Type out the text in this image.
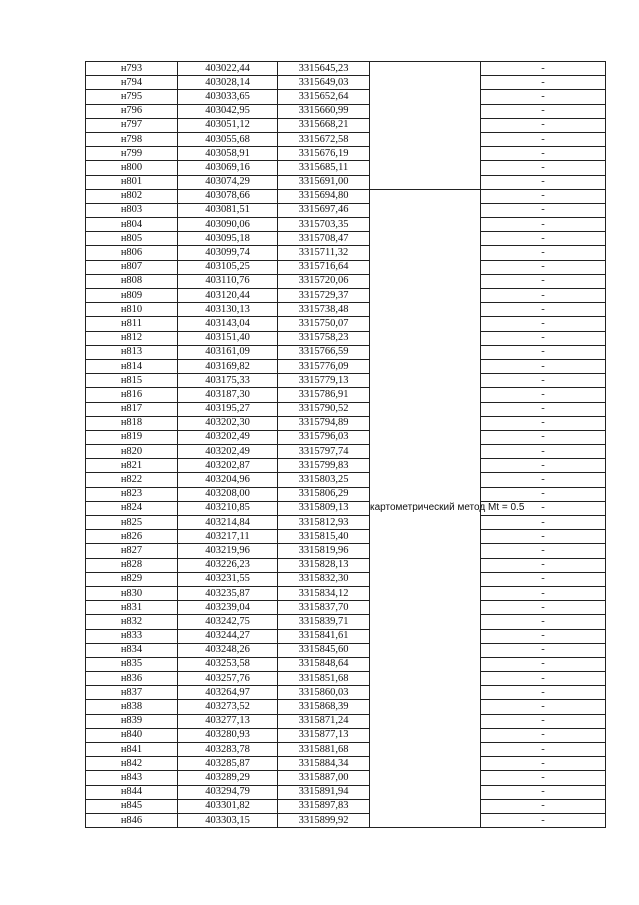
н793	403022,44	3315645,23		-
н794	403028,14	3315649,03		-
н795	403033,65	3315652,64		-
н796	403042,95	3315660,99		-
н797	403051,12	3315668,21		-
н798	403055,68	3315672,58		-
н799	403058,91	3315676,19		-
н800	403069,16	3315685,11		-
н801	403074,29	3315691,00		-
н802	403078,66	3315694,80	картометрический метод Mt = 0.5	-
н803	403081,51	3315697,46		-
н804	403090,06	3315703,35		-
н805	403095,18	3315708,47		-
н806	403099,74	3315711,32		-
н807	403105,25	3315716,64		-
н808	403110,76	3315720,06		-
н809	403120,44	3315729,37		-
н810	403130,13	3315738,48		-
н811	403143,04	3315750,07		-
н812	403151,40	3315758,23		-
н813	403161,09	3315766,59		-
н814	403169,82	3315776,09		-
н815	403175,33	3315779,13		-
н816	403187,30	3315786,91		-
н817	403195,27	3315790,52		-
н818	403202,30	3315794,89		-
н819	403202,49	3315796,03		-
н820	403202,49	3315797,74		-
н821	403202,87	3315799,83		-
н822	403204,96	3315803,25		-
н823	403208,00	3315806,29		-
н824	403210,85	3315809,13		-
н825	403214,84	3315812,93		-
н826	403217,11	3315815,40		-
н827	403219,96	3315819,96		-
н828	403226,23	3315828,13		-
н829	403231,55	3315832,30		-
н830	403235,87	3315834,12		-
н831	403239,04	3315837,70		-
н832	403242,75	3315839,71		-
н833	403244,27	3315841,61		-
н834	403248,26	3315845,60		-
н835	403253,58	3315848,64		-
н836	403257,76	3315851,68		-
н837	403264,97	3315860,03		-
н838	403273,52	3315868,39		-
н839	403277,13	3315871,24		-
н840	403280,93	3315877,13		-
н841	403283,78	3315881,68		-
н842	403285,87	3315884,34		-
н843	403289,29	3315887,00		-
н844	403294,79	3315891,94		-
н845	403301,82	3315897,83		-
н846	403303,15	3315899,92		-
